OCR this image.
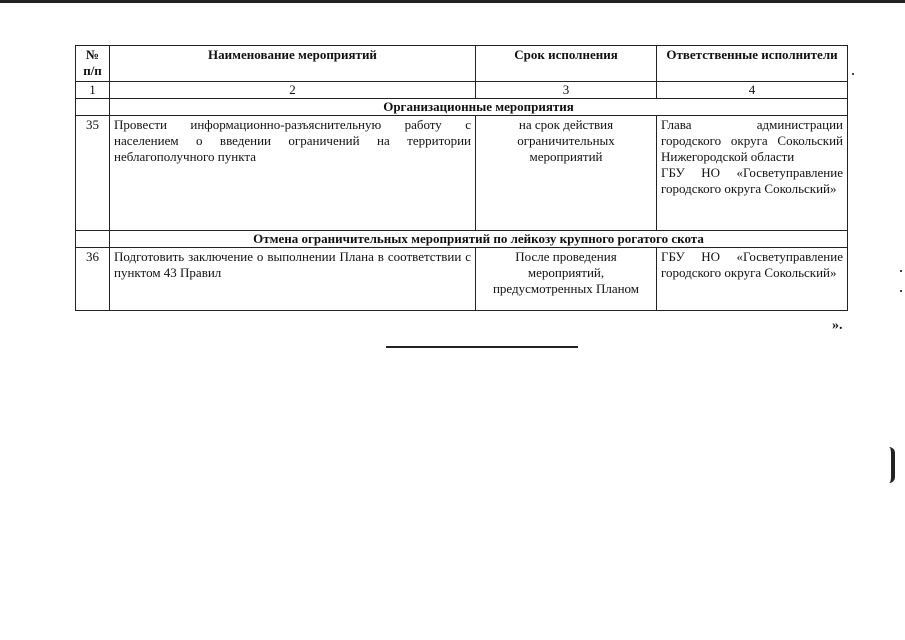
№ п/п	Наименование мероприятий	Срок исполнения	Ответственные исполнители
1	2	3	4
	Организационные мероприятия		
35	Провести информационно-разъяснительную работу с населением о введении ограничений на территории неблагополучного пункта	на срок действия ограничительных мероприятий	Глава администрации городского округа Сокольский Нижегородской области
ГБУ НО «Госветуправление городского округа Сокольский»

	Отмена ограничительных мероприятий по лейкозу крупного рогатого скота		
36	Подготовить заключение о выполнении Плана в соответствии с пунктом 43 Правил	После проведения мероприятий, предусмотренных Планом	ГБУ НО «Госветуправление городского округа Сокольский»
».
